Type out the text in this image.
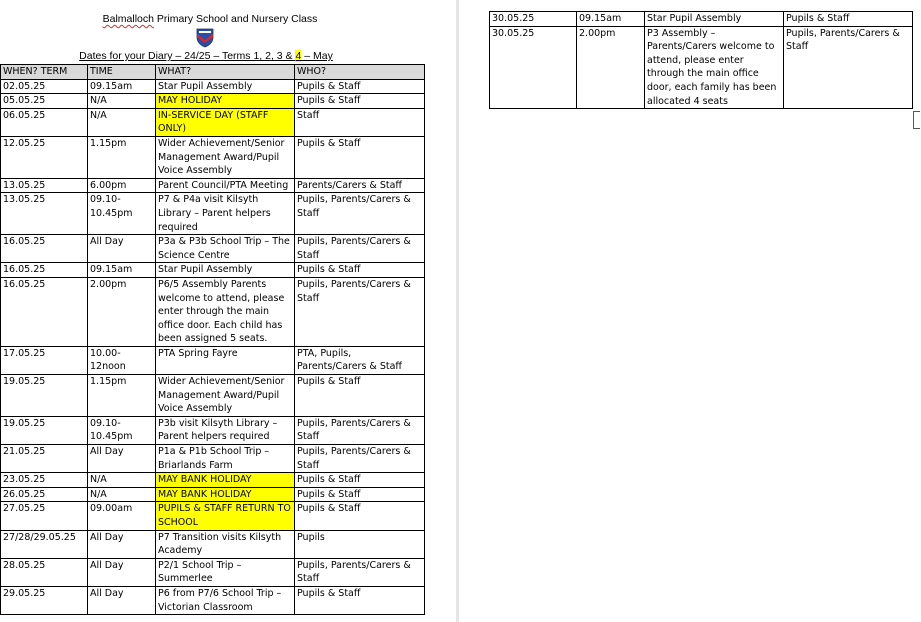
Balmalloch Primary School and Nursery Class
Dates for your Diary – 24/25 – Terms 1, 2, 3 & 4 – May
WHEN? TERM	TIME	WHAT?	WHO?
02.05.25	09.15am	Star Pupil Assembly	Pupils & Staff
05.05.25	N/A	MAY HOLIDAY	Pupils & Staff
06.05.25	N/A	IN-SERVICE DAY (STAFF ONLY)	Staff
12.05.25	1.15pm	Wider Achievement/Senior Management Award/Pupil Voice Assembly	Pupils & Staff
13.05.25	6.00pm	Parent Council/PTA Meeting	Parents/Carers & Staff
13.05.25	09.10-10.45pm	P7 & P4a visit Kilsyth Library – Parent helpers required	Pupils, Parents/Carers & Staff
16.05.25	All Day	P3a & P3b School Trip – The Science Centre	Pupils, Parents/Carers & Staff
16.05.25	09.15am	Star Pupil Assembly	Pupils & Staff
16.05.25	2.00pm	P6/5 Assembly Parents welcome to attend, please enter through the main office door. Each child has been assigned 5 seats.	Pupils, Parents/Carers & Staff
17.05.25	10.00-12noon	PTA Spring Fayre	PTA, Pupils, Parents/Carers & Staff
19.05.25	1.15pm	Wider Achievement/Senior Management Award/Pupil Voice Assembly	Pupils & Staff
19.05.25	09.10-10.45pm	P3b visit Kilsyth Library – Parent helpers required	Pupils, Parents/Carers & Staff
21.05.25	All Day	P1a & P1b School Trip – Briarlands Farm	Pupils, Parents/Carers & Staff
23.05.25	N/A	MAY BANK HOLIDAY	Pupils & Staff
26.05.25	N/A	MAY BANK HOLIDAY	Pupils & Staff
27.05.25	09.00am	PUPILS & STAFF RETURN TO SCHOOL	Pupils & Staff
27/28/29.05.25	All Day	P7 Transition visits Kilsyth Academy	Pupils
28.05.25	All Day	P2/1 School Trip – Summerlee	Pupils, Parents/Carers & Staff
29.05.25	All Day	P6 from P7/6 School Trip – Victorian Classroom	Pupils & Staff
30.05.25	09.15am	Star Pupil Assembly	Pupils & Staff
30.05.25	2.00pm	P3 Assembly – Parents/Carers welcome to attend, please enter through the main office door, each family has been allocated 4 seats	Pupils, Parents/Carers & Staff
